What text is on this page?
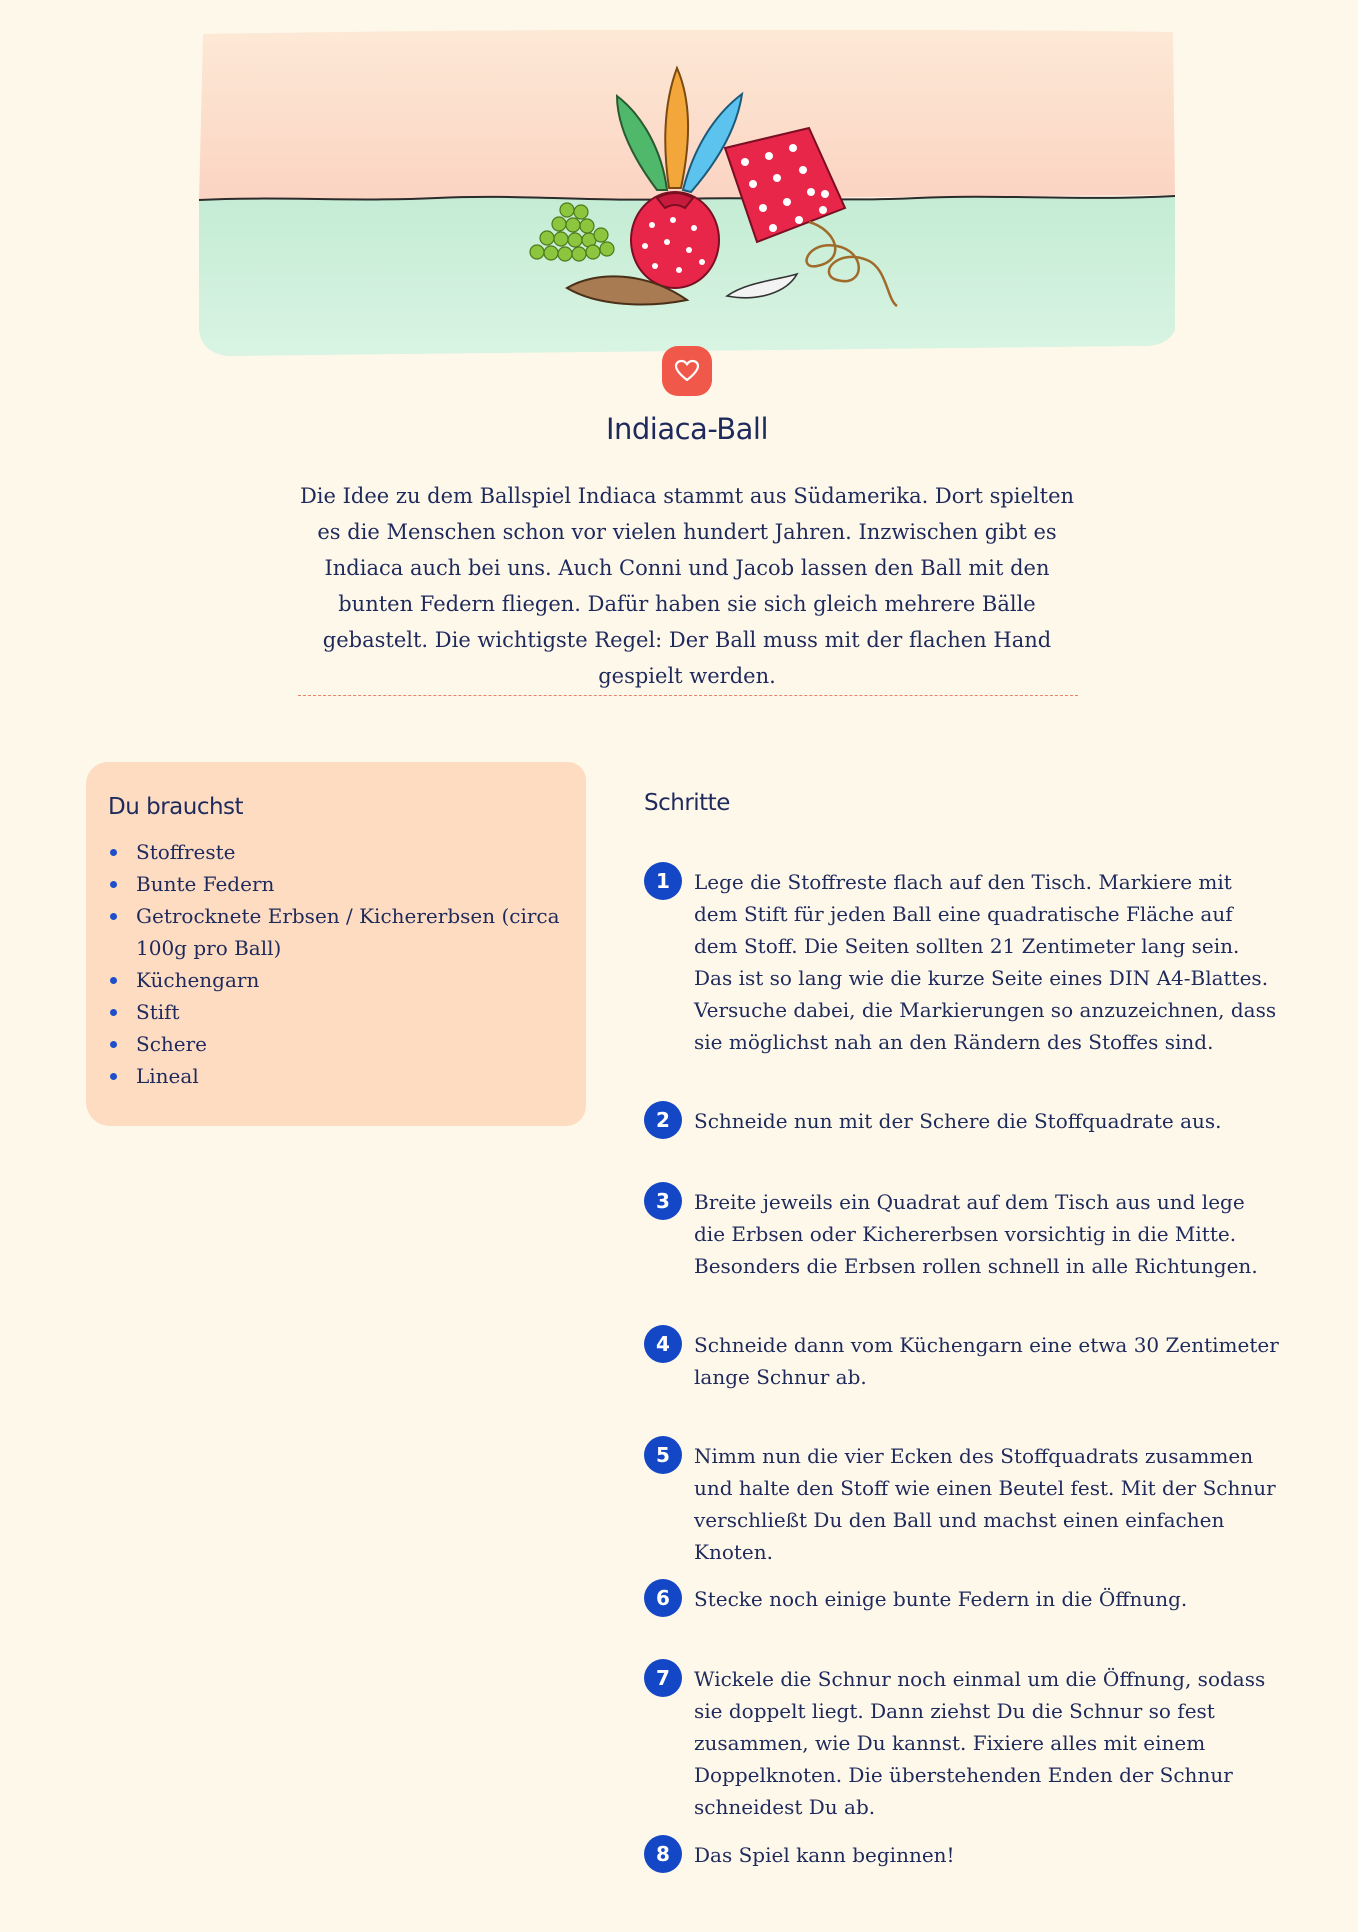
Indiaca-Ball

Die Idee zu dem Ballspiel Indiaca stammt aus Südamerika. Dort spielten es die Menschen schon vor vielen hundert Jahren. Inzwischen gibt es Indiaca auch bei uns. Auch Conni und Jacob lassen den Ball mit den bunten Federn fliegen. Dafür haben sie sich gleich mehrere Bälle gebastelt. Die wichtigste Regel: Der Ball muss mit der flachen Hand gespielt werden.

Du brauchst
Stoffreste
Bunte Federn
Getrocknete Erbsen / Kichererbsen (circa 100g pro Ball)
Küchengarn
Stift
Schere
Lineal
Schritte
1	Lege die Stoffreste flach auf den Tisch. Markiere mit dem Stift für jeden Ball eine quadratische Fläche auf dem Stoff. Die Seiten sollten 21 Zentimeter lang sein. Das ist so lang wie die kurze Seite eines DIN A4-Blattes. Versuche dabei, die Markierungen so anzuzeichnen, dass sie möglichst nah an den Rändern des Stoffes sind.

2	Schneide nun mit der Schere die Stoffquadrate aus.

3	Breite jeweils ein Quadrat auf dem Tisch aus und lege die Erbsen oder Kichererbsen vorsichtig in die Mitte. Besonders die Erbsen rollen schnell in alle Richtungen.

4	Schneide dann vom Küchengarn eine etwa 30 Zentimeter lange Schnur ab.

5	Nimm nun die vier Ecken des Stoffquadrats zusammen und halte den Stoff wie einen Beutel fest. Mit der Schnur verschließt Du den Ball und machst einen einfachen Knoten.

6	Stecke noch einige bunte Federn in die Öffnung.

7	Wickele die Schnur noch einmal um die Öffnung, sodass sie doppelt liegt. Dann ziehst Du die Schnur so fest zusammen, wie Du kannst. Fixiere alles mit einem Doppelknoten. Die überstehenden Enden der Schnur schneidest Du ab.

8	Das Spiel kann beginnen!
